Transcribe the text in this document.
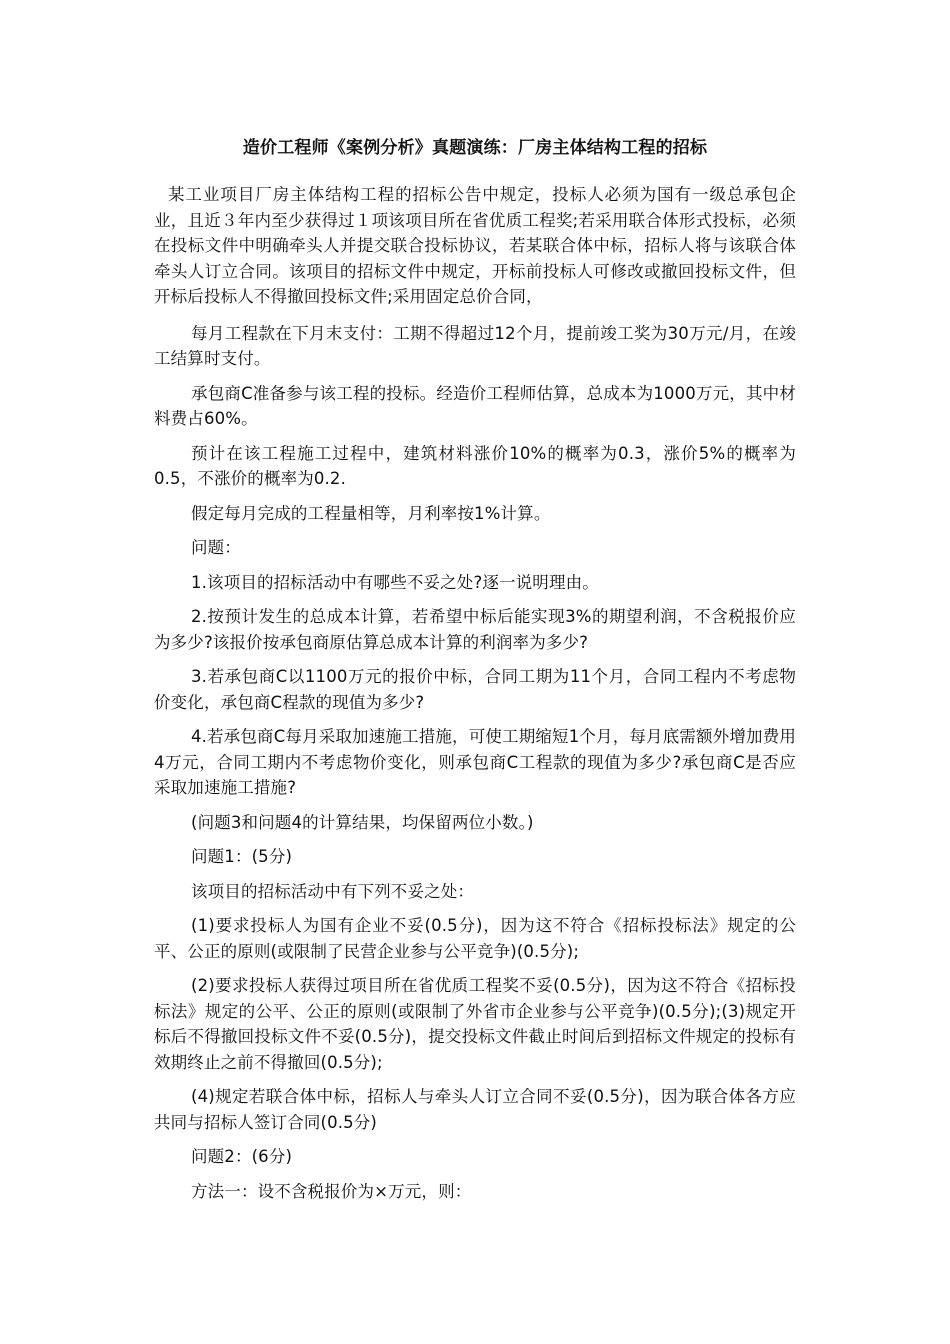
造价工程师《案例分析》真题演练：厂房主体结构工程的招标

某工业项目厂房主体结构工程的招标公告中规定，投标人必须为国有一级总承包企业，且近３年内至少获得过１项该项目所在省优质工程奖;若采用联合体形式投标，必须在投标文件中明确牵头人并提交联合投标协议，若某联合体中标，招标人将与该联合体牵头人订立合同。该项目的招标文件中规定，开标前投标人可修改或撤回投标文件，但开标后投标人不得撤回投标文件;采用固定总价合同，

每月工程款在下月末支付：工期不得超过12个月，提前竣工奖为30万元/月，在竣工结算时支付。

承包商C准备参与该工程的投标。经造价工程师估算，总成本为1000万元，其中材料费占60%。

预计在该工程施工过程中，建筑材料涨价10%的概率为0.3，涨价5%的概率为0.5，不涨价的概率为0.2.

假定每月完成的工程量相等，月利率按1%计算。

问题：

1.该项目的招标活动中有哪些不妥之处?逐一说明理由。

2.按预计发生的总成本计算，若希望中标后能实现3%的期望利润，不含税报价应为多少?该报价按承包商原估算总成本计算的利润率为多少?

3.若承包商C以1100万元的报价中标，合同工期为11个月，合同工程内不考虑物价变化，承包商C程款的现值为多少?

4.若承包商C每月采取加速施工措施，可使工期缩短1个月，每月底需额外增加费用4万元，合同工期内不考虑物价变化，则承包商C工程款的现值为多少?承包商C是否应采取加速施工措施?

(问题3和问题4的计算结果，均保留两位小数。)

问题1：(5分)

该项目的招标活动中有下列不妥之处：

(1)要求投标人为国有企业不妥(0.5分)，因为这不符合《招标投标法》规定的公平、公正的原则(或限制了民营企业参与公平竞争)(0.5分);

(2)要求投标人获得过项目所在省优质工程奖不妥(0.5分)，因为这不符合《招标投标法》规定的公平、公正的原则(或限制了外省市企业参与公平竞争)(0.5分);(3)规定开标后不得撤回投标文件不妥(0.5分)，提交投标文件截止时间后到招标文件规定的投标有效期终止之前不得撤回(0.5分);

(4)规定若联合体中标，招标人与牵头人订立合同不妥(0.5分)，因为联合体各方应共同与招标人签订合同(0.5分)

问题2：(6分)

方法一：设不含税报价为×万元，则：
